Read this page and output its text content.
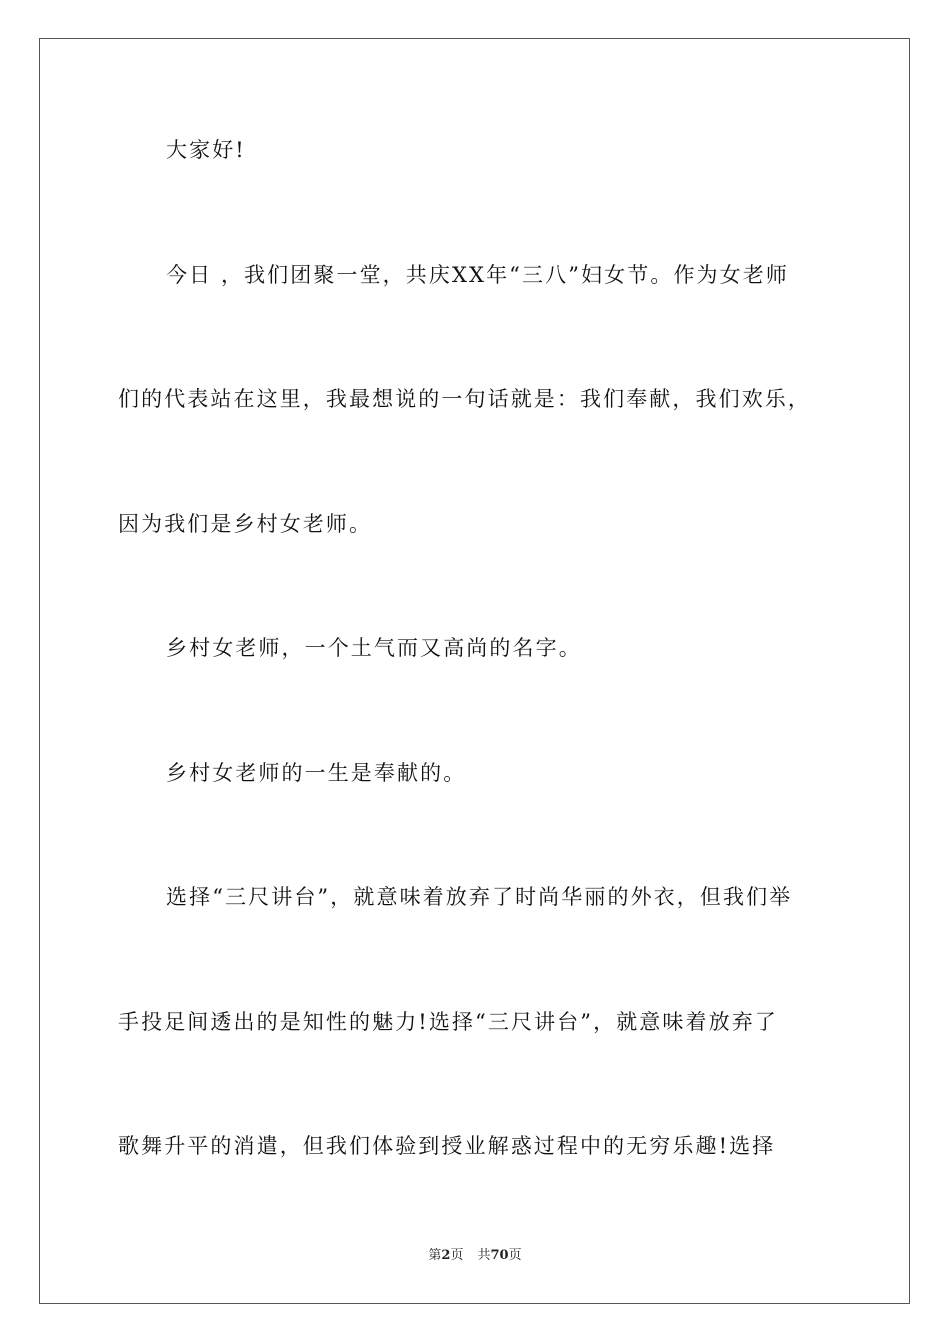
大家好!
今日 ，我们团聚一堂，共庆XX年“三八”妇女节。作为女老师
们的代表站在这里，我最想说的一句话就是：我们奉献，我们欢乐，
因为我们是乡村女老师。
乡村女老师，一个土气而又高尚的名字。
乡村女老师的一生是奉献的。
选择“三尺讲台”，就意味着放弃了时尚华丽的外衣，但我们举
手投足间透出的是知性的魅力!选择“三尺讲台”，就意味着放弃了
歌舞升平的消遣，但我们体验到授业解惑过程中的无穷乐趣!选择
第2页 共70页
